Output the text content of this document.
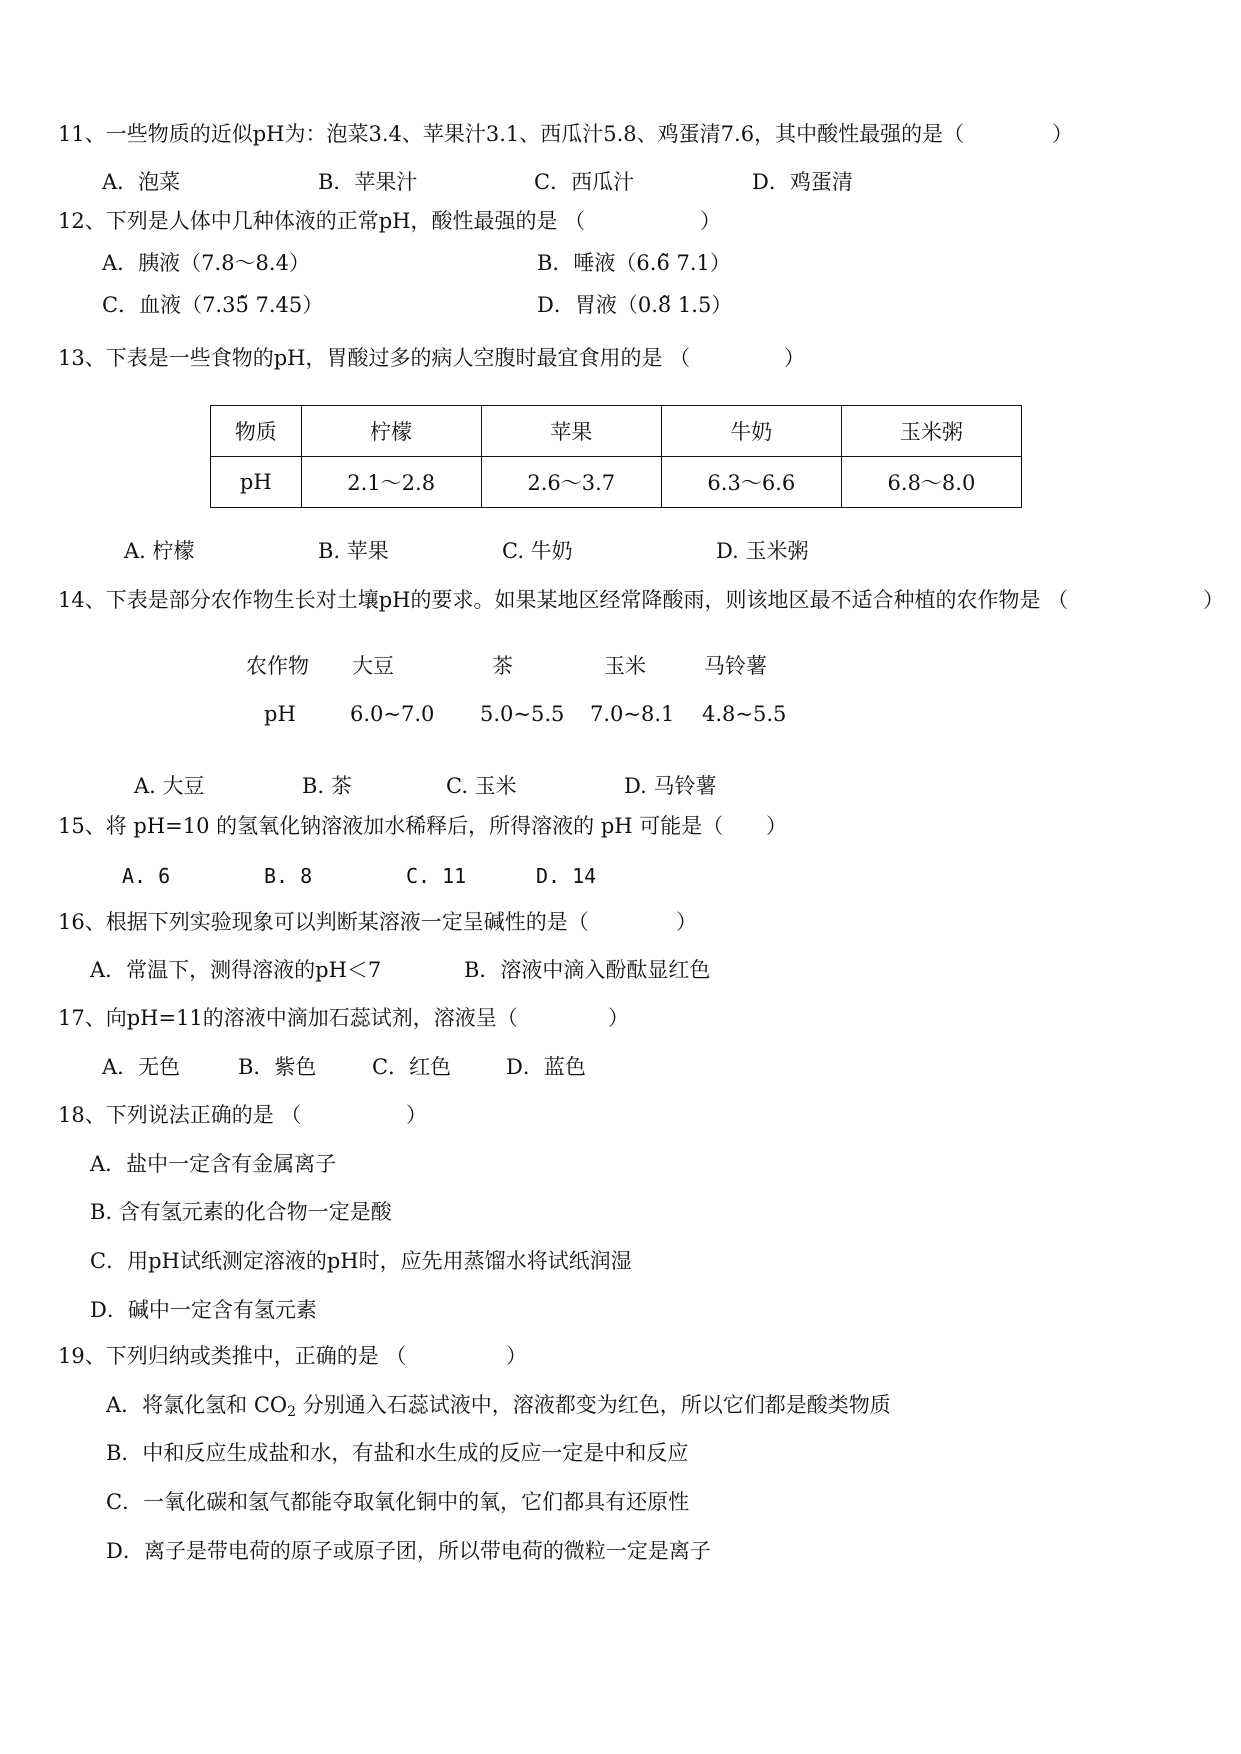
11、一些物质的近似pH为：泡菜3.4、苹果汁3.1、西瓜汁5.8、鸡蛋清7.6，其中酸性最强的是（	）
A．泡菜	B．苹果汁	C．西瓜汁	D．鸡蛋清
12、下列是人体中几种体液的正常pH，酸性最强的是 （	）
A．胰液（7.8～8.4）	B．唾液（6.6̃ 7.1）
C．血液（7.35̃ 7.45）	D．胃液（0.8̃ 1.5）
13、下表是一些食物的pH，胃酸过多的病人空腹时最宜食用的是 （	）
物质	柠檬	苹果	牛奶	玉米粥
pH	2.1～2.8	2.6～3.7	6.3～6.6	6.8～8.0
A. 柠檬	B. 苹果	C. 牛奶	D. 玉米粥
14、下表是部分农作物生长对土壤pH的要求。如果某地区经常降酸雨，则该地区最不适合种植的农作物是 （	）
农作物 大豆	茶	玉米	马铃薯
pH	6.0~7.0 5.0~5.5 7.0~8.1 4.8~5.5
A. 大豆	B. 茶	C. 玉米	D. 马铃薯
15、将 pH=10 的氢氧化钠溶液加水稀释后，所得溶液的 pH 可能是（ ）
A. 6	B. 8	C. 11	D. 14
16、根据下列实验现象可以判断某溶液一定呈碱性的是（	）
A．常温下，测得溶液的pH＜7	B．溶液中滴入酚酞显红色
17、向pH=11的溶液中滴加石蕊试剂，溶液呈（	）
A．无色	B．紫色	C．红色	D．蓝色
18、下列说法正确的是 （	）
A．盐中一定含有金属离子
B. 含有氢元素的化合物一定是酸
C．用pH试纸测定溶液的pH时，应先用蒸馏水将试纸润湿
D．碱中一定含有氢元素
19、下列归纳或类推中，正确的是 （	）
A．将氯化氢和 $CO_2$ 分别通入石蕊试液中，溶液都变为红色，所以它们都是酸类物质
B．中和反应生成盐和水，有盐和水生成的反应一定是中和反应
C．一氧化碳和氢气都能夺取氧化铜中的氧，它们都具有还原性
D．离子是带电荷的原子或原子团，所以带电荷的微粒一定是离子
